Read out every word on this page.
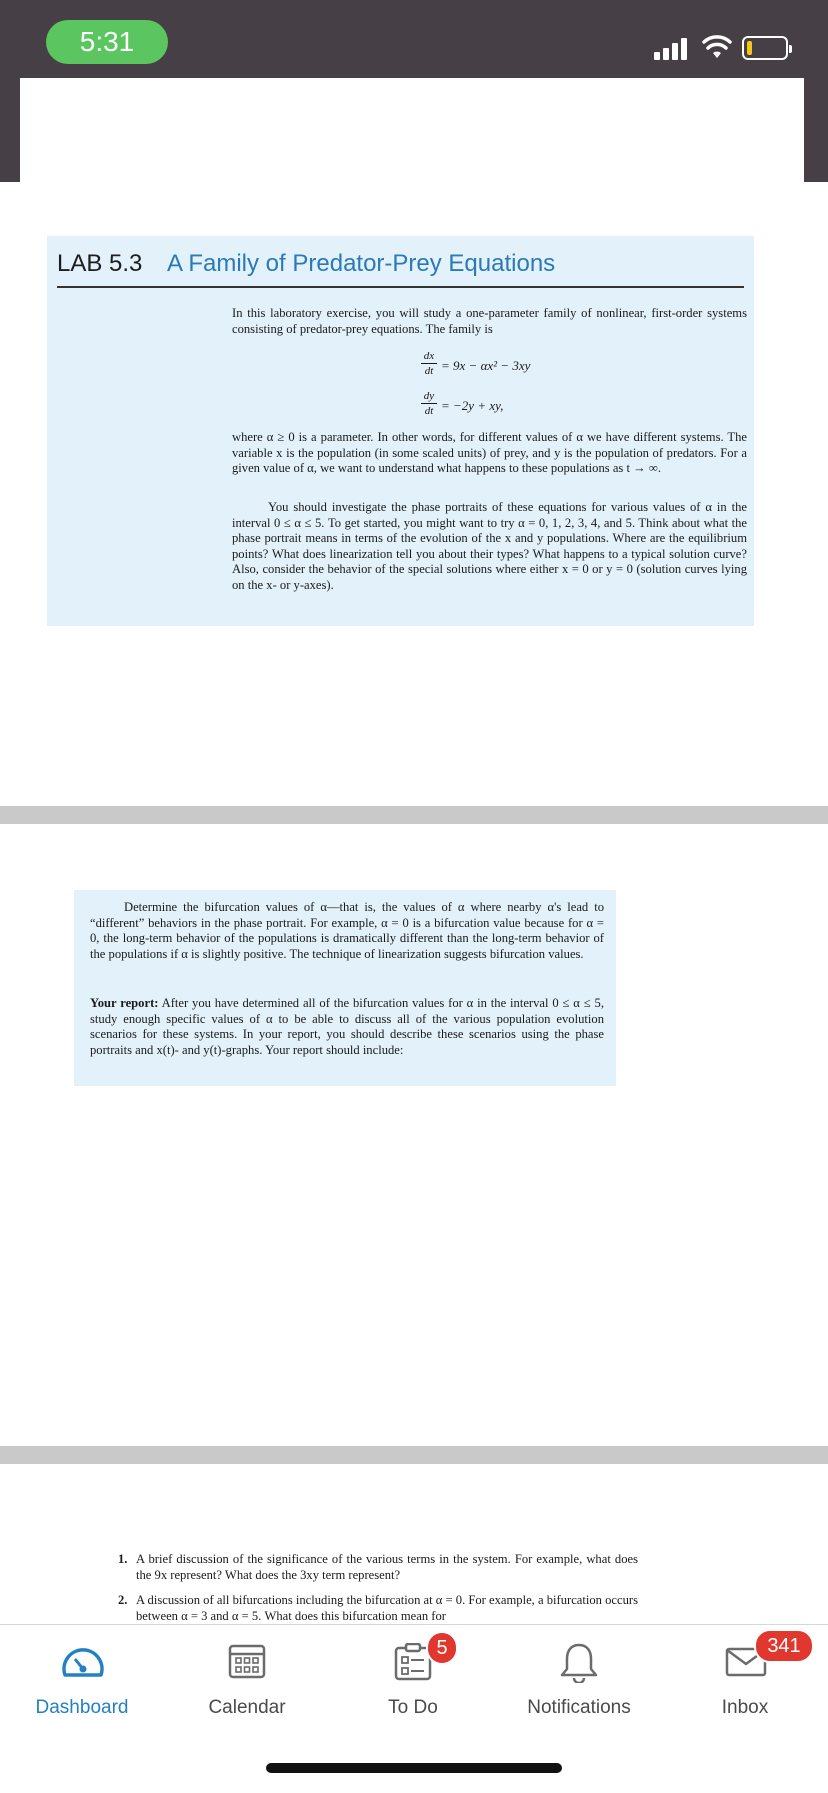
5:31
LAB 5.3 A Family of Predator-Prey Equations
In this laboratory exercise, you will study a one-parameter family of nonlinear, first-order systems consisting of predator-prey equations. The family is
dx
dt = 9x − αx² − 3xy
dy
dt = −2y + xy,
where α ≥ 0 is a parameter. In other words, for different values of α we have different systems. The variable x is the population (in some scaled units) of prey, and y is the population of predators. For a given value of α, we want to understand what happens to these populations as t → ∞.
You should investigate the phase portraits of these equations for various values of α in the interval 0 ≤ α ≤ 5. To get started, you might want to try α = 0, 1, 2, 3, 4, and 5. Think about what the phase portrait means in terms of the evolution of the x and y populations. Where are the equilibrium points? What does linearization tell you about their types? What happens to a typical solution curve? Also, consider the behavior of the special solutions where either x = 0 or y = 0 (solution curves lying on the x- or y-axes).
Determine the bifurcation values of α—that is, the values of α where nearby α's lead to “different” behaviors in the phase portrait. For example, α = 0 is a bifurcation value because for α = 0, the long-term behavior of the populations is dramatically different than the long-term behavior of the populations if α is slightly positive. The technique of linearization suggests bifurcation values.
Your report: After you have determined all of the bifurcation values for α in the interval 0 ≤ α ≤ 5, study enough specific values of α to be able to discuss all of the various population evolution scenarios for these systems. In your report, you should describe these scenarios using the phase portraits and x(t)- and y(t)-graphs. Your report should include:
1. A brief discussion of the significance of the various terms in the system. For example, what does the 9x represent? What does the 3xy term represent?
2. A discussion of all bifurcations including the bifurcation at α = 0. For example, a bifurcation occurs between α = 3 and α = 5. What does this bifurcation mean for
Dashboard	Calendar
5
To Do	Notifications
341
Inbox
